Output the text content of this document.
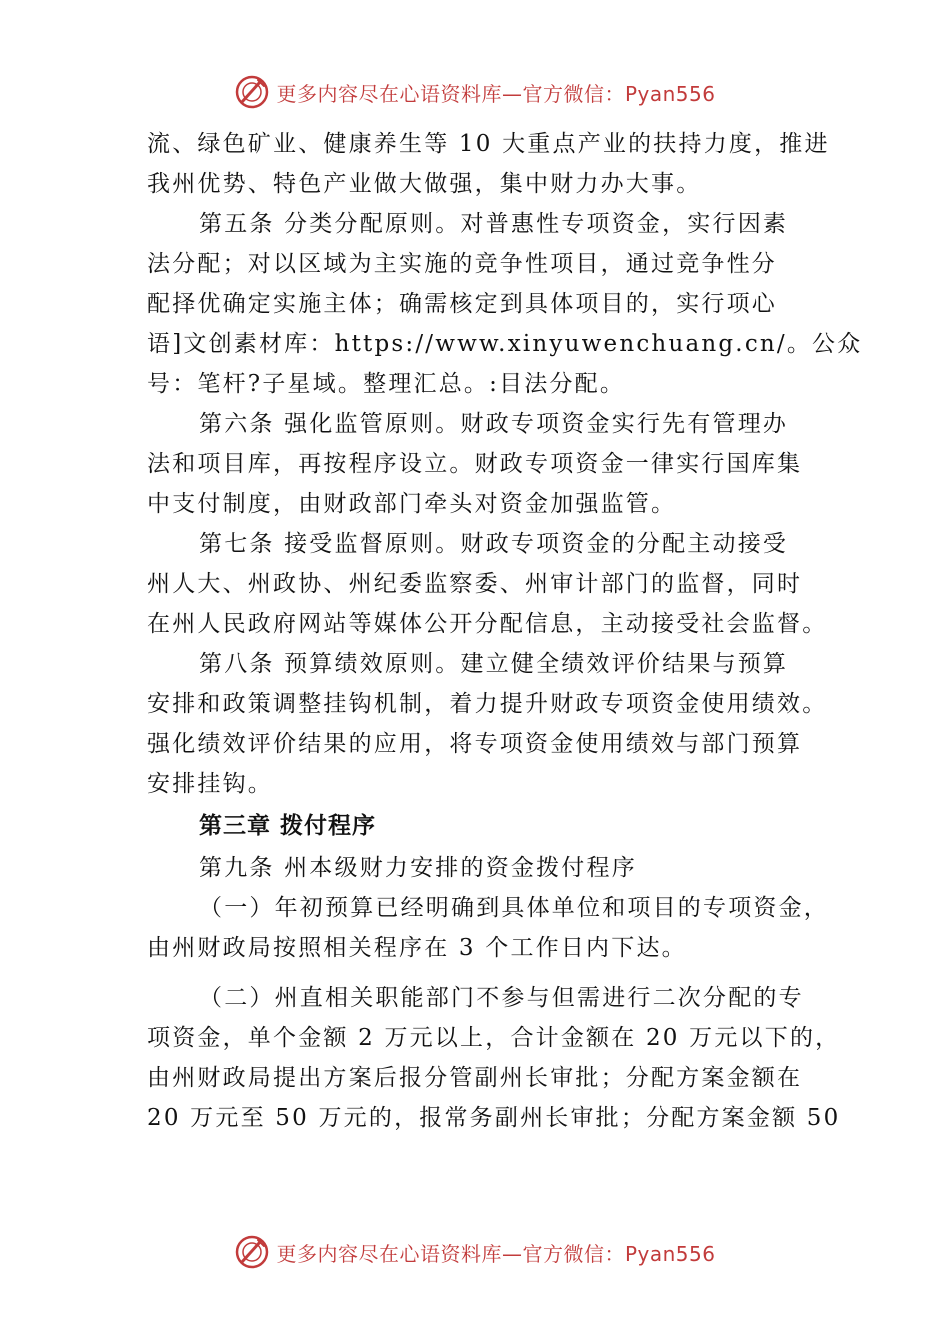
更多内容尽在心语资料库—官方微信：Pyan556
流、绿色矿业、健康养生等 10 大重点产业的扶持力度，推进
我州优势、特色产业做大做强，集中财力办大事。
第五条 分类分配原则。对普惠性专项资金，实行因素
法分配；对以区域为主实施的竞争性项目，通过竞争性分
配择优确定实施主体；确需核定到具体项目的，实行项心
语]文创素材库：https://www.xinyuwenchuang.cn/。公众
号：笔杆?子星域。整理汇总。:目法分配。
第六条 强化监管原则。财政专项资金实行先有管理办
法和项目库，再按程序设立。财政专项资金一律实行国库集
中支付制度，由财政部门牵头对资金加强监管。
第七条 接受监督原则。财政专项资金的分配主动接受
州人大、州政协、州纪委监察委、州审计部门的监督，同时
在州人民政府网站等媒体公开分配信息，主动接受社会监督。
第八条 预算绩效原则。建立健全绩效评价结果与预算
安排和政策调整挂钩机制，着力提升财政专项资金使用绩效。
强化绩效评价结果的应用，将专项资金使用绩效与部门预算
安排挂钩。
第三章 拨付程序
第九条 州本级财力安排的资金拨付程序
（一）年初预算已经明确到具体单位和项目的专项资金，
由州财政局按照相关程序在 3 个工作日内下达。
（二）州直相关职能部门不参与但需进行二次分配的专
项资金，单个金额 2 万元以上，合计金额在 20 万元以下的，
由州财政局提出方案后报分管副州长审批；分配方案金额在
20 万元至 50 万元的，报常务副州长审批；分配方案金额 50
更多内容尽在心语资料库—官方微信：Pyan556
